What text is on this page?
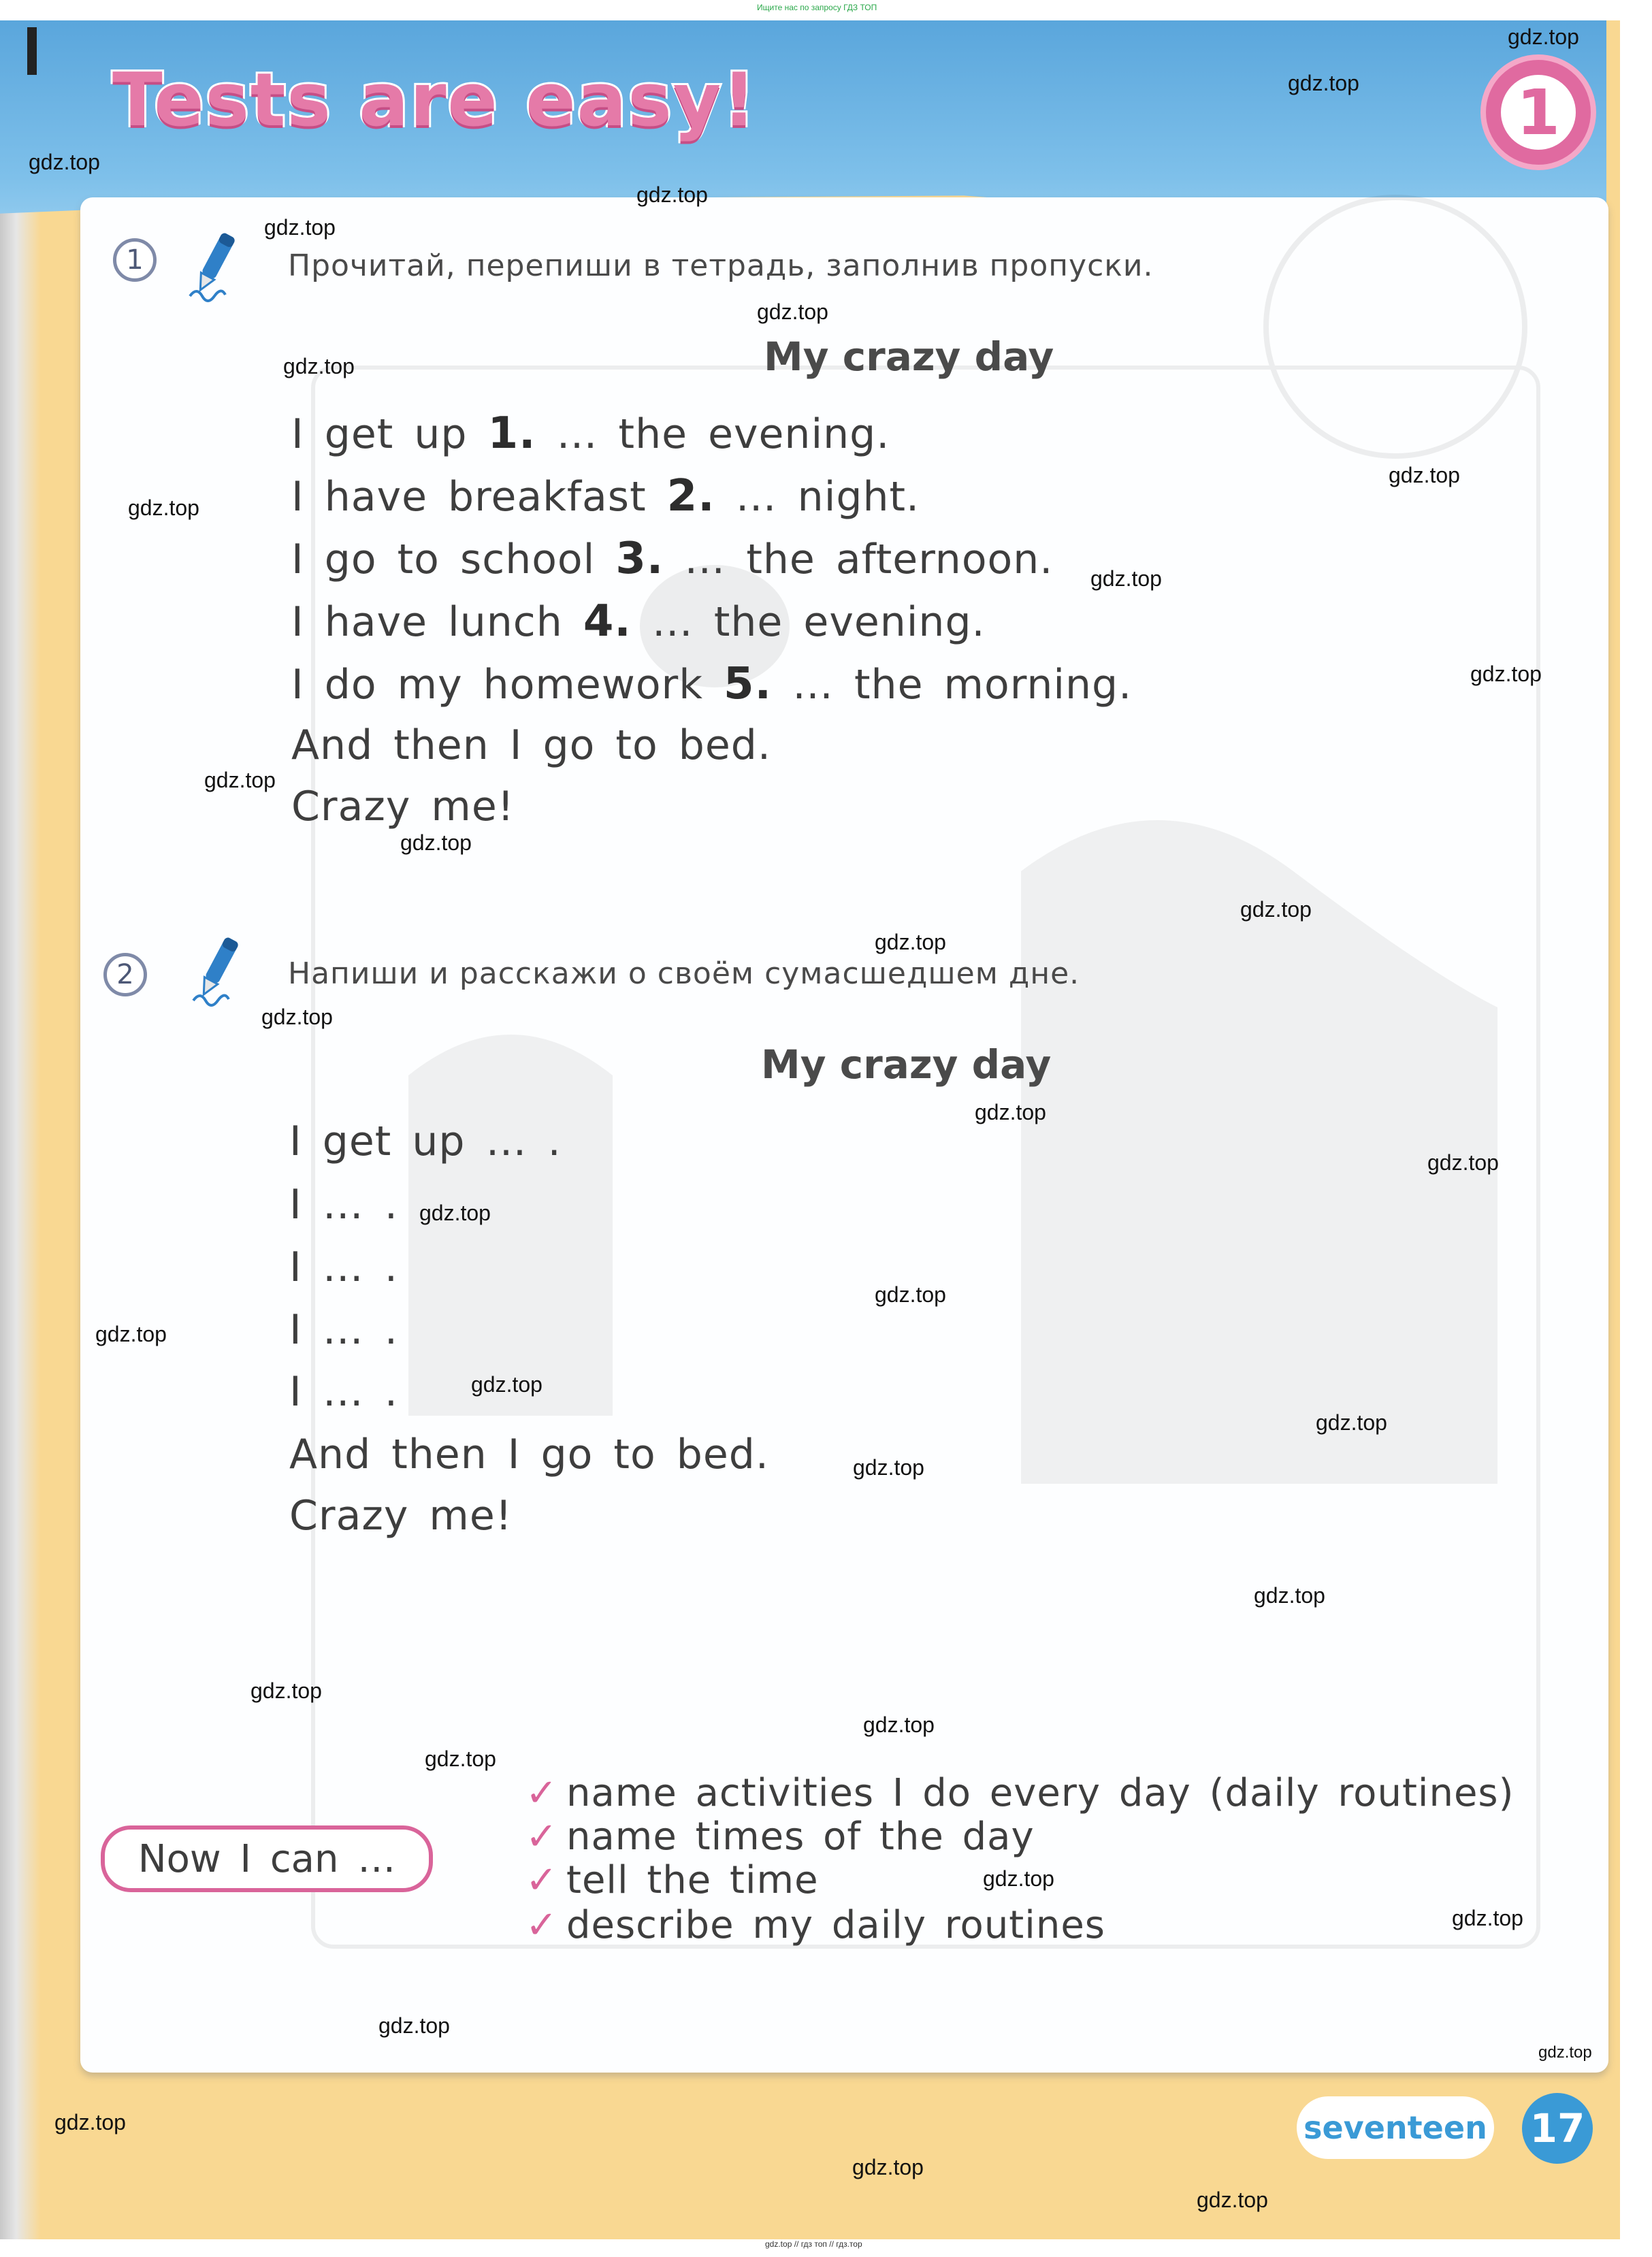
Ищите нас по запросу ГДЗ ТОП
Tests are easy!	1
1	Прочитай, перепиши в тетрадь, заполнив пропуски.
My crazy day
I get up 1. … the evening.
I have breakfast 2. … night.
I go to school 3. … the afternoon.
I have lunch 4. … the evening.
I do my homework 5. … the morning.
And then I go to bed.
Crazy me!
2	Напиши и расскажи о своём сумасшедшем дне.
My crazy day
I get up … .
I … .
I … .
I … .
I … .
And then I go to bed.
Crazy me!
Now I can …
✓ name activities I do every day (daily routines)
✓ name times of the day
✓ tell the time
✓ describe my daily routines
seventeen 17
gdz.top // гдз топ // гдз.тор
gdz.top
gdz.top
gdz.top
gdz.top
gdz.top
gdz.top
gdz.top
gdz.top
gdz.top
gdz.top
gdz.top
gdz.top
gdz.top
gdz.top
gdz.top
gdz.top
gdz.top
gdz.top
gdz.top
gdz.top
gdz.top
gdz.top
gdz.top
gdz.top
gdz.top
gdz.top
gdz.top
gdz.top
gdz.top
gdz.top
gdz.top
gdz.top
gdz.top
gdz.top
gdz.top
